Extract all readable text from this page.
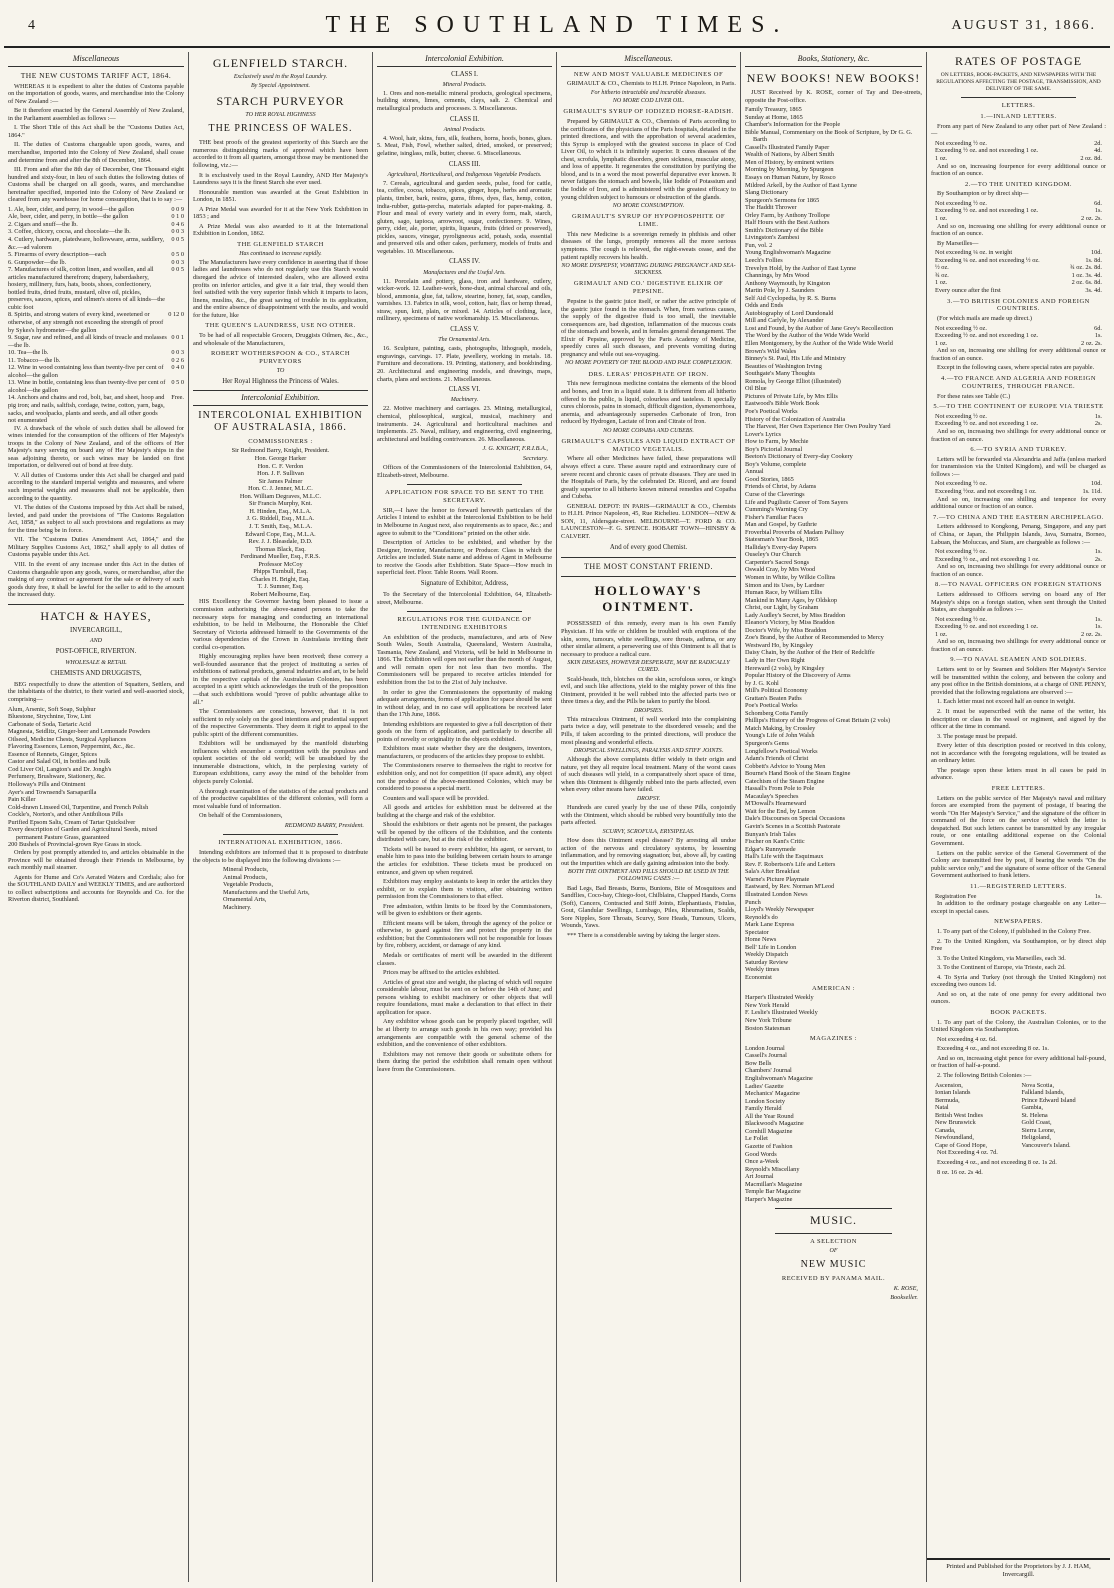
4	THE SOUTHLAND TIMES.	AUGUST 31, 1866.
Miscellaneous
THE NEW CUSTOMS TARIFF ACT, 1864.

WHEREAS it is expedient to alter the duties of Customs payable on the importation of goods, wares, and merchandise into the Colony of New Zealand :—

Be it therefore enacted by the General Assembly of New Zealand, in the Parliament assembled as follows :—

I. The Short Title of this Act shall be the "Customs Duties Act, 1864."

II. The duties of Customs chargeable upon goods, wares, and merchandise, imported into the Colony of New Zealand, shall cease and determine from and after the 8th of December, 1864.

III. From and after the 8th day of December, One Thousand eight hundred and sixty-four, in lieu of such duties the following duties of Customs shall be charged on all goods, wares, and merchandise hereinafter specified, imported into the Colony of New Zealand or cleared from any warehouse for home consumption, that is to say :—

1. Ale, beer, cider, and perry, in wood—the gallon	0 0 9
Ale, beer, cider, and perry, in bottle—the gallon	0 1 0
2. Cigars and snuff—the lb.	0 4 6
3. Coffee, chicory, cocoa, and chocolate—the lb.	0 0 3
4. Cutlery, hardware, platedware, hollowware, arms, saddlery, &c.—ad valorem
0 0 5
5. Firearms of every description—each	0 5 0
6. Gunpowder—the lb.	0 0 3
7. Manufactures of silk, cotton linen, and woollen, and all articles manufactured therefrom; drapery, haberdashery, hosiery, millinery, furs, hats, boots, shoes, confectionery, bottled fruits, dried fruits, mustard, olive oil, pickles, preserves, sauces, spices, and oilmen's stores of all kinds—the cubic foot
0 0 5
8. Spirits, and strong waters of every kind, sweetened or otherwise, of any strength not exceeding the strength of proof by Sykes's hydrometer—the gallon
0 12 0
9. Sugar, raw and refined, and all kinds of treacle and molasses—the lb.
0 0 1
10. Tea—the lb.	0 0 3
11. Tobacco—the lb.	0 2 6
12. Wine in wood containing less than twenty-five per cent of alcohol—the gallon
0 4 0
13. Wine in bottle, containing less than twenty-five per cent of alcohol—the gallon
0 5 0
14. Anchors and chains and rod, bolt, bar, and sheet, hoop and pig iron; and nails, saltfish, cordage, twine, cotton, yarn, bags, sacks, and woolpacks, plants and seeds, and all other goods not enumerated
Free.

IV. A drawback of the whole of such duties shall be allowed for wines intended for the consumption of the officers of Her Majesty's troops in the Colony of New Zealand, and of the officers of Her Majesty's navy serving on board any of Her Majesty's ships in the seas adjoining thereto, or such wines may be landed on first importation, or delivered out of bond at free duty.

V. All duties of Customs under this Act shall be charged and paid according to the standard imperial weights and measures, and where such imperial weights and measures shall not be applicable, then according to the quantity.

VI. The duties of the Customs imposed by this Act shall be raised, levied, and paid under the provisions of "The Customs Regulation Act, 1858," as subject to all such provisions and regulations as may for the time being be in force.

VII. The "Customs Duties Amendment Act, 1864," and the Military Supplies Customs Act, 1862," shall apply to all duties of Customs payable under this Act.

VIII. In the event of any increase under this Act in the duties of Customs chargeable upon any goods, wares, or merchandise, after the making of any contract or agreement for the sale or delivery of such goods duty free, it shall be lawful for the seller to add to the amount the increased duty.

HATCH & HAYES,
INVERCARGILL,
AND
POST-OFFICE, RIVERTON.
WHOLESALE & RETAIL
CHEMISTS AND DRUGGISTS,

BEG respectfully to draw the attention of Squatters, Settlers, and the inhabitants of the district, to their varied and well-assorted stock, comprising—

Alum, Arsenic, Soft Soap, Sulphur
Bluestone, Strychnine, Tow, Lint
Carbonate of Soda, Tartaric Acid
Magnesia, Seidlitz, Ginger-beer and Lemonade Powders
Oilseed, Medicine Chests, Surgical Appliances
Flavoring Essences, Lemon, Peppermint, &c., &c.
Essence of Rennets, Ginger, Spices
Castor and Salad Oil, in bottles and bulk
Cod Liver Oil, Langton's and Dr. Jongh's
Perfumery, Brushware, Stationery, &c.
Holloway's Pills and Ointment
Ayer's and Townsend's Sarsaparilla
Pain Killer
Cold-drawn Linseed Oil, Turpentine, and French Polish
Cockle's, Norton's, and other Antibilious Pills
Purified Epsom Salts, Cream of Tartar Quicksilver
Every description of Garden and Agricultural Seeds, mixed permanent Pasture Grass, guaranteed
200 Bushels of Provincial-grown Rye Grass in stock.

Orders by post promptly attended to, and articles obtainable in the Province will be obtained through their Friends in Melbourne, by each monthly mail steamer.

Agents for Hume and Co's Aerated Waters and Cordials; also for the SOUTHLAND DAILY and WEEKLY TIMES, and are authorized to collect subscriptions and accounts for Reynolds and Co. for the Riverton district, Southland.

GLENFIELD STARCH.
Exclusively used in the Royal Laundry.
By Special Appointment.
STARCH PURVEYOR
TO HER ROYAL HIGHNESS
THE PRINCESS OF WALES.

THE best proofs of the greatest superiority of this Starch are the numerous distinguishing marks of approval which have been accorded to it from all quarters, amongst those may be mentioned the following, viz.:—

It is exclusively used in the Royal Laundry, AND Her Majesty's Laundress says it is the finest Starch she ever used.

Honourable mention was awarded at the Great Exhibition in London, in 1851.

A Prize Medal was awarded for it at the New York Exhibition in 1853 ; and

A Prize Medal was also awarded to it at the International Exhibition in London, 1862.

THE GLENFIELD STARCH
Has continued to increase rapidly.

The Manufacturers have every confidence in asserting that if those ladies and laundresses who do not regularly use this Starch would disregard the advice of interested dealers, who are allowed extra profits on inferior articles, and give it a fair trial, they would then feel satisfied with the very superior finish which it imparts to laces, linens, muslins, &c., the great saving of trouble in its application, and the entire absence of disappointment with the results, and would for the future, like

THE QUEEN'S LAUNDRESS, USE NO OTHER.

To be had of all respectable Grocers, Druggists Oilmen, &c., &c., and wholesale of the Manufacturers,

ROBERT WOTHERSPOON & CO., STARCH PURVEYORS
TO
Her Royal Highness the Princess of Wales.
Intercolonial Exhibition.
INTERCOLONIAL EXHIBITION OF AUSTRALASIA, 1866.
COMMISSIONERS :
Sir Redmond Barry, Knight, President.
Hon. George Harker
Hon. C. F. Verdon
Hon. J. F. Sullivan
Sir James Palmer
Hon. C. J. Jenner, M.L.C.
Hon. William Degraves, M.L.C.
Sir Francis Murphy, Knt.
H. Hinden, Esq., M.L.A.
J. G. Riddell, Esq., M.L.A.
J. T. Smith, Esq., M.L.A.
Edward Cope, Esq., M.L.A.
Rev. J. J. Bleasdale, D.D.
Thomas Black, Esq.
Ferdinand Mueller, Esq., F.R.S.
Professor McCoy
Phipps Turnbull, Esq.
Charles H. Bright, Esq.
T. J. Sumner, Esq.
Robert Melbourne, Esq.

HIS Excellency the Governor having been pleased to issue a commission authorising the above-named persons to take the necessary steps for managing and conducting an international exhibition, to be held in Melbourne, the Honorable the Chief Secretary of Victoria addressed himself to the Governments of the various dependencies of the Crown in Australasia inviting their cordial co-operation.

Highly encouraging replies have been received; these convey a well-founded assurance that the project of instituting a series of exhibitions of national products, general industries and art, to be held in the respective capitals of the Australasian Colonies, has been accepted in a spirit which acknowledges the truth of the proposition—that such exhibitions would "prove of public advantage alike to all."

The Commissioners are conscious, however, that it is not sufficient to rely solely on the good intentions and prudential support of the respective Governments. They deem it right to appeal to the public spirit of the different communities.

Exhibitors will be undismayed by the manifold disturbing influences which encumber a competition with the populous and opulent societies of the old world; will be unsubdued by the innumerable distractions, which, in the perplexing variety of European exhibitions, carry away the mind of the beholder from objects purely Colonial.

A thorough examination of the statistics of the actual products and of the productive capabilities of the different colonies, will form a most valuable fund of information.

On behalf of the Commissioners,

REDMOND BARRY, President.
INTERNATIONAL EXHIBITION, 1866.

Intending exhibitors are informed that it is proposed to distribute the objects to be displayed into the following divisions :—

Mineral Products,
Animal Products,
Vegetable Products,
Manufactures and the Useful Arts,
Ornamental Arts,
Machinery.
Intercolonial Exhibition.
CLASS I.
Mineral Products.

1. Ores and non-metallic mineral products, geological specimens, building stones, limes, cements, clays, salt. 2. Chemical and metallurgical products and processes. 3. Miscellaneous.

CLASS II.
Animal Products.

4. Wool, hair, skins, furs, silk, feathers, horns, hoofs, bones, glues. 5. Meat, Fish, Fowl, whether salted, dried, smoked, or preserved; gelatine, isinglass, milk, butter, cheese. 6. Miscellaneous.

CLASS III.
Agricultural, Horticultural, and Indigenous Vegetable Products.

7. Cereals, agricultural and garden seeds, pulse, food for cattle, tea, coffee, cocoa, tobacco, spices, ginger, hops, herbs and aromatic plants, timber, bark, resins, gums, fibres, dyes, flax, hemp, cotton, india-rubber, gutta-percha, materials adapted for paper-making. 8. Flour and meal of every variety and in every form, malt, starch, gluten, sago, tapioca, arrowroot, sugar, confectionery. 9. Wines, perry, cider, ale, porter, spirits, liqueurs, fruits (dried or preserved), pickles, sauces, vinegar, pyroligneous acid, potash, soda, essential and preserved oils and other cakes, perfumery, models of fruits and vegetables. 10. Miscellaneous.

CLASS IV.
Manufactures and the Useful Arts.

11. Porcelain and pottery, glass, iron and hardware, cutlery, wicker-work. 12. Leather-work, bone-dust, animal charcoal and oils, blood, ammonia, glue, fat, tallow, stearine, honey, fat, soap, candles, varnishes. 13. Fabrics in silk, wool, cotton, hair, flax or hemp thread, straw, spun, knit, plain, or mixed. 14. Articles of clothing, lace, millinery, specimens of native workmanship. 15. Miscellaneous.

CLASS V.
The Ornamental Arts.

16. Sculpture, painting, casts, photographs, lithograph, models, engravings, carvings. 17. Plate, jewellery, working in metals. 18. Furniture and decorations. 19. Printing, stationery, and bookbinding. 20. Architectural and engineering models, and drawings, maps, charts, plans and sections. 21. Miscellaneous.

CLASS VI.
Machinery.

22. Motive machinery and carriages. 23. Mining, metallurgical, chemical, philosophical, surgical, musical, machinery and instruments. 24. Agricultural and horticultural machines and implements. 25. Naval, military, and engineering, civil engineering, architectural and building contrivances. 26. Miscellaneous.

J. G. KNIGHT, F.R.I.B.A.,
Secretary.

Offices of the Commissioners of the Intercolonial Exhibition, 64, Elizabeth-street, Melbourne.

APPLICATION FOR SPACE TO BE SENT TO THE SECRETARY.

SIR,—I have the honor to forward herewith particulars of the Articles I intend to exhibit at the Intercolonial Exhibition to be held in Melbourne in August next, also requirements as to space, &c.; and agree to submit to the "Conditions" printed on the other side.

Description of Articles to be exhibited, and whether by the Designer, Inventor, Manufacturer, or Producer. Class in which the Articles are included. State name and address of Agent in Melbourne to receive the Goods after Exhibition. State Space—How much in superficial feet. Floor. Table Room. Wall Room.

Signature of Exhibitor, Address,

To the Secretary of the Intercolonial Exhibition, 64, Elizabeth-street, Melbourne.

REGULATIONS FOR THE GUIDANCE OF INTENDING EXHIBITORS

An exhibition of the products, manufactures, and arts of New South Wales, South Australia, Queensland, Western Australia, Tasmania, New Zealand, and Victoria, will be held in Melbourne in 1866. The Exhibition will open not earlier than the month of August, and will remain open for not less than two months. The Commissioners will be prepared to receive articles intended for exhibition from the 1st to the 21st of July inclusive.

In order to give the Commissioners the opportunity of making adequate arrangements, forms of application for space should be sent in without delay, and in no case will applications be received later than the 17th June, 1866.

Intending exhibitors are requested to give a full description of their goods on the form of application, and particularly to describe all points of novelty or originality in the objects exhibited.

Exhibitors must state whether they are the designers, inventors, manufacturers, or producers of the articles they propose to exhibit.

The Commissioners reserve to themselves the right to receive for exhibition only, and not for competition (if space admit), any object not the produce of the above-mentioned Colonies, which may be considered to possess a special merit.

Counters and wall space will be provided.

All goods and articles for exhibition must be delivered at the building at the charge and risk of the exhibitor.

Should the exhibitors or their agents not be present, the packages will be opened by the officers of the Exhibition, and the contents distributed with care, but at the risk of the exhibitor.

Tickets will be issued to every exhibitor, his agent, or servant, to enable him to pass into the building between certain hours to arrange the articles for exhibition. These tickets must be produced on entrance, and given up when required.

Exhibitors may employ assistants to keep in order the articles they exhibit, or to explain them to visitors, after obtaining written permission from the Commissioners to that effect.

Free admission, within limits to be fixed by the Commissioners, will be given to exhibitors or their agents.

Efficient means will be taken, through the agency of the police or otherwise, to guard against fire and protect the property in the exhibition; but the Commissioners will not be responsible for losses by fire, robbery, accident, or damage of any kind.

Medals or certificates of merit will be awarded in the different classes.

Prices may be affixed to the articles exhibited.

Articles of great size and weight, the placing of which will require considerable labour, must be sent on or before the 14th of June; and persons wishing to exhibit machinery or other objects that will require foundations, must make a declaration to that effect in their application for space.

Any exhibitor whose goods can be properly placed together, will be at liberty to arrange such goods in his own way; provided his arrangements are compatible with the general scheme of the exhibition, and the convenience of other exhibitors.

Exhibitors may not remove their goods or substitute others for them during the period the exhibition shall remain open without leave from the Commissioners.

Miscellaneous.
NEW AND MOST VALUABLE MEDICINES OF

GRIMAULT & CO., Chemists to H.I.H. Prince Napoleon, in Paris.

For hitherto intractable and incurable diseases.
NO MORE COD LIVER OIL.
GRIMAULT'S SYRUP OF IODIZED HORSE-RADISH.

Prepared by GRIMAULT & CO., Chemists of Paris according to the certificates of the physicians of the Paris hospitals, detailed in the printed directions, and with the approbation of several academies, this Syrup is employed with the greatest success in place of Cod Liver Oil, to which it is infinitely superior. It cures diseases of the chest, scrofula, lymphatic disorders, green sickness, muscular atony, and loss of appetite. It regenerates the constitution by purifying the blood, and is in a word the most powerful depurative ever known. It never fatigues the stomach and bowels, like Iodide of Potassium and the Iodide of Iron, and is administered with the greatest efficacy to young children subject to humours or obstruction of the glands.

NO MORE CONSUMPTION.
GRIMAULT'S SYRUP OF HYPOPHOSPHITE OF LIME.

This new Medicine is a sovereign remedy in phthisis and other diseases of the lungs, promptly removes all the more serious symptoms. The cough is relieved, the night-sweats cease, and the patient rapidly recovers his health.

NO MORE DYSPEPSY, VOMITING DURING PREGNANCY AND SEA-SICKNESS.
GRIMAULT AND CO.' DIGESTIVE ELIXIR OF PEPSINE.

Pepsine is the gastric juice itself, or rather the active principle of the gastric juice found in the stomach. When, from various causes, the supply of the digestive fluid is too small, the inevitable consequences are, bad digestion, inflammation of the mucous coats of the stomach and bowels, and in females general derangement. The Elixir of Pepsine, approved by the Paris Academy of Medicine, speedily cures all such diseases, and prevents vomiting during pregnancy and while out sea-voyaging.

NO MORE POVERTY OF THE BLOOD AND PALE COMPLEXION.
DRS. LERAS' PHOSPHATE OF IRON.

This new ferruginous medicine contains the elements of the blood and bones, and Iron in a liquid state. It is different from all hitherto offered to the public, is liquid, colourless and tasteless. It specially cures chlorosis, pains in stomach, difficult digestion, dysmenorrhoea, anemia, and advantageously supersedes Carbonate of Iron, Iron reduced by Hydrogen, Lactate of Iron and Citrate of Iron.

NO MORE COPAIBA AND CUBEBS.
GRIMAULT'S CAPSULES AND LIQUID EXTRACT OF MATICO VEGETALIS.

Where all other Medicines have failed, these preparations will always effect a cure. These assure rapid and extraordinary cure of severe recent and chronic cases of private diseases. They are used in the Hospitals of Paris, by the celebrated Dr. Ricord, and are found greatly superior to all hitherto known mineral remedies and Copaiba and Cubeba.

GENERAL DEPOT: IN PARIS—GRIMAULT & CO., Chemists to H.I.H. Prince Napoleon, 45, Rue Richelieu. LONDON—NEW & SON, 11, Aldersgate-street. MELBOURNE—T. FORD & CO. LAUNCESTON—F. G. SPENCE. HOBART TOWN—HINSBY & CALVERT.

And of every good Chemist.
THE MOST CONSTANT FRIEND.
HOLLOWAY'S OINTMENT.

POSSESSED of this remedy, every man is his own Family Physician. If his wife or children be troubled with eruptions of the skin, sores, tumours, white swellings, sore throats, asthma, or any other similar ailment, a persevering use of this Ointment is all that is necessary to produce a radical cure.

SKIN DISEASES, HOWEVER DESPERATE, MAY BE RADICALLY CURED.

Scald-heads, itch, blotches on the skin, scrofulous sores, or king's evil, and such like affections, yield to the mighty power of this fine Ointment, provided it be well rubbed into the affected parts two or three times a day, and the Pills be taken to purify the blood.

DROPSIES.

This miraculous Ointment, if well worked into the complaining parts twice a day, will penetrate to the disordered vessels; and the Pills, if taken according to the printed directions, will produce the most pleasing and wonderful effects.

DROPSICAL SWELLINGS, PARALYSIS AND STIFF JOINTS.

Although the above complaints differ widely in their origin and nature, yet they all require local treatment. Many of the worst cases of such diseases will yield, in a comparatively short space of time, when this Ointment is diligently rubbed into the parts affected, even when every other means have failed.

DROPSY.

Hundreds are cured yearly by the use of these Pills, conjointly with the Ointment, which should be rubbed very bountifully into the parts affected.

SCURVY, SCROFULA, ERYSIPELAS.

How does this Ointment expel disease? By arresting all undue action of the nervous and circulatory systems, by lessening inflammation, and by removing stagnation; but, above all, by casting out the impurities which are daily gaining admission into the body.

BOTH THE OINTMENT AND PILLS SHOULD BE USED IN THE FOLLOWING CASES :—

Bad Legs, Bad Breasts, Burns, Bunions, Bite of Mosquitoes and Sandflies, Coco-bay, Chiego-foot, Chilblains, Chapped Hands, Corns (Soft), Cancers, Contracted and Stiff Joints, Elephantiasis, Fistulas, Gout, Glandular Swellings, Lumbago, Piles, Rheumatism, Scalds, Sore Nipples, Sore Throats, Scurvy, Sore Heads, Tumours, Ulcers, Wounds, Yaws.

*** There is a considerable saving by taking the larger sizes.

Books, Stationery, &c.
NEW BOOKS! NEW BOOKS!

JUST Received by K. ROSE, corner of Tay and Dee-streets, opposite the Post-office.

Family Treasury, 1865
Sunday at Home, 1865
Chamber's Information for the People
Bible Manual, Commentary on the Book of Scripture, by Dr G. G. Barth
Cassell's Illustrated Family Paper
Wealth of Nations, by Albert Smith
Men of History, by eminent writers
Morning by Morning, by Spurgeon
Essays on Human Nature, by Rosco
Mildred Arkell, by the Author of East Lynne
Slang Dictionary
Spurgeon's Sermons for 1865
The Haddit Thrower
Orley Farm, by Anthony Trollope
Half Hours with the Best Authors
Smith's Dictionary of the Bible
Livingston's Zambesi
Fun, vol. 2
Young Englishwoman's Magazine
Leech's Follies
Trevelyn Hold, by the Author of East Lynne
Channings, by Mrs Wood
Anthony Waymouth, by Kingston
Martin Pole, by J. Saunders
Self Aid Cyclopedia, by R. S. Burns
Odds and Ends
Autobiography of Lord Dundonald
Mill and Carlyle, by Alexander
Lost and Found, by the Author of Jane Grey's Recollection
The Word by the Author of the Wide Wide World
Ellen Montgomery, by the Author of the Wide Wide World
Brown's Wild Wales
Binney's St. Paul, His Life and Ministry
Beauties of Washington Irving
Southgate's Many Thoughts
Romola, by George Elliot (illustrated)
Oil Blue
Pictures of Private Life, by Mrs Ellis
Eastwood's Bible Work Book
Poe's Poetical Works
History of the Colonization of Australia
The Harvest, Her Own Experience Her Own Poultry Yard
Lover's Lyrics
How to Farm, by Mechie
Boy's Pictorial Journal
Beeton's Dictionary of Every-day Cookery
Boy's Volume, complete
Annual
Good Stories, 1865
Friends of Christ, by Adams
Curse of the Claverings
Life and Pugilistic Career of Tom Sayers
Cumming's Warning Cry
Fisher's Familiar Faces
Man and Gospel, by Guthrie
Froverbial Proverbs of Madam Pallissy
Statesman's Year Book, 1865
Halliday's Every-day Papers
Ouseley's Our Church
Carpenter's Sacred Songs
Oswald Cray, by Mrs Wood
Women in White, by Wilkie Collins
Simon and its Uses, by Lardner
Human Race, by William Ellis
Mankind in Many Ages, by Oldskop
Christ, our Light, by Graham
Lady Audley's Secret, by Miss Braddon
Eleanor's Victory, by Miss Braddon
Doctor's Wife, by Miss Braddon
Zoe's Brand, by the Author of Recommended to Mercy
Westward Ho, by Kingsley
Daisy Chain, by the Author of the Heir of Redcliffe
Lady in Her Own Right
Hereward (2 vols), by Kingsley
Popular History of the Discovery of Arms
by J. G. Kohl
Mill's Political Economy
Grattan's Beaten Paths
Poe's Poetical Works
Schomberg Cotta Family
Phillips's History of the Progress of Great Britain (2 vols)
Match Making, by Crossley
Young's Life of John Walsh
Spurgeon's Gems
Longfellow's Poetical Works
Adam's Friends of Christ
Cobbett's Advice to Young Men
Bourne's Hand Book of the Steam Engine
Catechism of the Steam Engine
Hassall's From Pole to Pole
Macaulay's Speeches
M'Dowall's Hearneward
Wait for the End, by Lemon
Dale's Discourses on Special Occasions
Gavin's Scenes in a Scottish Pastorate
Bunyan's Irish Tales
Fischer on Kant's Critic
Edgar's Runnymede
Hall's Life with the Esquimaux
Rev. F. Robertson's Life and Letters
Sala's After Breakfast
Warne's Picture Playmate
Eastward, by Rev. Norman M'Leod
Illustrated London News
Punch
Lloyd's Weekly Newspaper
Reynold's do
Mark Lane Express
Spectator
Home News
Bell' Life in London
Weekly Dispatch
Saturday Review
Weekly times
Economist
AMERICAN :
Harper's Illustrated Weekly
New York Herald
F. Leslie's Illustrated Weekly
New York Tribune
Boston Statesman
MAGAZINES :
London Journal
Cassell's Journal
Bow Bells
Chambers' Journal
Englishwoman's Magazine
Ladies' Gazette
Mechanics' Magazine
London Society
Family Herald
All the Year Round
Blackwood's Magazine
Cornhill Magazine
Le Follet
Gazette of Fashion
Good Words
Once a-Week
Reynold's Miscellany
Art Journal
Macmillan's Magazine
Temple Bar Magazine
Harper's Magazine
MUSIC.
A SELECTION
OF
NEW MUSIC
RECEIVED BY PANAMA MAIL.
K. ROSE,
Bookseller.
RATES OF POSTAGE
ON LETTERS, BOOK-PACKETS, AND NEWSPAPERS WITH THE REGULATIONS AFFECTING THE POSTAGE, TRANSMISSION, AND DELIVERY OF THE SAME.
LETTERS.
1.—INLAND LETTERS.

From any part of New Zealand to any other part of New Zealand :—

Not exceeding ½ oz.	2d.
Exceeding ½ oz. and not exceeding 1 oz.	4d.
1 oz.	2 oz. 8d.

And so on, increasing fourpence for every additional ounce or fraction of an ounce.

2.—TO THE UNITED KINGDOM.

By Southampton or by direct ship—

Not exceeding ½ oz.	6d.
Exceeding ½ oz. and not exceeding 1 oz.	1s.
1 oz.	2 oz. 2s.

And so on, increasing one shilling for every additional ounce or fraction of an ounce.

By Marseilles—

Not exceeding ¼ oz. in weight	10d.
Exceeding ¼ oz. and not exceeding ½ oz.	1s. 8d.
½ oz.	¾ oz. 2s. 8d.
¾ oz.	1 oz. 3s. 4d.
1 oz.	2 oz. 6s. 8d.
Every ounce after the first	3s. 4d.
3.—TO BRITISH COLONIES AND FOREIGN COUNTRIES.

(For which mails are made up direct.)

Not exceeding ½ oz.	6d.
Exceeding ½ oz. and not exceeding 1 oz.	1s.
1 oz.	2 oz. 2s.

And so on, increasing one shilling for every additional ounce or fraction of an ounce.

Except in the following cases, where special rates are payable.

4.—TO FRANCE AND ALGERIA AND FOREIGN COUNTRIES, THROUGH FRANCE.

For these rates see Table (C.)

5.—TO THE CONTINENT OF EUROPE VIA TRIESTE
Not exceeding ½ oz.	1s.
Exceeding ½ oz. and not exceeding 1 oz.	2s.

And so on, increasing two shillings for every additional ounce or fraction of an ounce.

6.—TO SYRIA AND TURKEY.

Letters will be forwarded via Alexandria and Jaffa (unless marked for transmission via the United Kingdom), and will be charged as follows :—

Not exceeding ½ oz.	10d.
Exceeding ½oz. and not exceeding 1 oz.	1s. 11d.

And so on, increasing one shilling and tenpence for every additional ounce or fraction of an ounce.

7.—TO CHINA AND THE EASTERN ARCHIPELAGO.

Letters addressed to Kongkong, Penang, Singapore, and any part of China, or Japan, the Philippin Islands, Java, Sumatra, Borneo, Labuan, the Moluccas, and Siam, are chargeable as follows :—

Not exceeding ½ oz.	1s.
Exceeding ½ oz., and not exceeding 1 oz.	2s.

And so on, increasing two shillings for every additional ounce or fraction of an ounce.

8.—TO NAVAL OFFICERS ON FOREIGN STATIONS

Letters addressed to Officers serving on board any of Her Majesty's ships on a foreign station, when sent through the United States, are chargeable as follows :—

Not exceeding ½ oz.	1s.
Exceeding ½ oz. and not exceeding 1 oz.	1s.
1 oz.	2 oz. 2s.

And so on, increasing two shillings for every additional ounce or fraction of an ounce.

9.—TO NAVAL SEAMEN AND SOLDIERS.

Letters sent to or by Seamen and Soldiers Her Majesty's Service will be transmitted within the colony, and between the colony and any post office in the British dominions, at a charge of ONE PENNY, provided that the following regulations are observed :—

1. Each letter must not exceed half an ounce in weight.

2. It must be superscribed with the name of the writer, his description or class in the vessel or regiment, and signed by the officer at the time in command.

3. The postage must be prepaid.

Every letter of this description posted or received in this colony, not in accordance with the foregoing regulations, will be treated as an ordinary letter.

The postage upon these letters must in all cases be paid in advance.

FREE LETTERS.

Letters on the public service of Her Majesty's naval and military forces are exempted from the payment of postage, if bearing the words "On Her Majesty's Service," and the signature of the officer in command of the force on the service of which the letter is despatched. But such letters cannot be transmitted by any irregular route, or one entailing additional expense on the Colonial Government.

Letters on the public service of the General Government of the Colony are transmitted free by post, if bearing the words "On the public service only," and the signature of some officer of the General Government authorised to frank letters.

11.—REGISTERED LETTERS.
Registration Fee	1s.

In addition to the ordinary postage chargeable on any Letter—except in special cases.

NEWSPAPERS.

1. To any part of the Colony, if published in the Colony Free.

2. To the United Kingdom, via Southampton, or by direct ship Free

3. To the United Kingdom, via Marseilles, each 3d.

3. To the Continent of Europe, via Trieste, each 2d.

4. To Syria and Turkey (not through the United Kingdom) not exceeding two ounces 1d.

And so on, at the rate of one penny for every additional two ounces.

BOOK PACKETS.

1. To any part of the Colony, the Australian Colonies, or to the United Kingdom via Southampton.

Not exceeding 4 oz. 6d.

Exceeding 4 oz., and not exceeding 8 oz. 1s.

And so on, increasing eight pence for every additional half-pound, or fraction of half-a-pound.

2. The following British Colonies :—

Ascension,
Ionian Islands
Bermuda,
Natal
British West Indies
New Brunswick
Canada,
Newfoundland,
Cape of Good Hope,
Nova Scotia,
Falkland Islands,
Prince Edward Island
Gambia,
St. Helena
Gold Coast,
Sierra Leone,
Heligoland,
Vancouver's Island.

Not Exceeding 4 oz. 7d.

Exceeding 4 oz., and not exceeding 8 oz. 1s 2d.

8 oz. 16 oz. 2s 4d.

Printed and Published for the Proprietors by J. J. HAM, Invercargill.
